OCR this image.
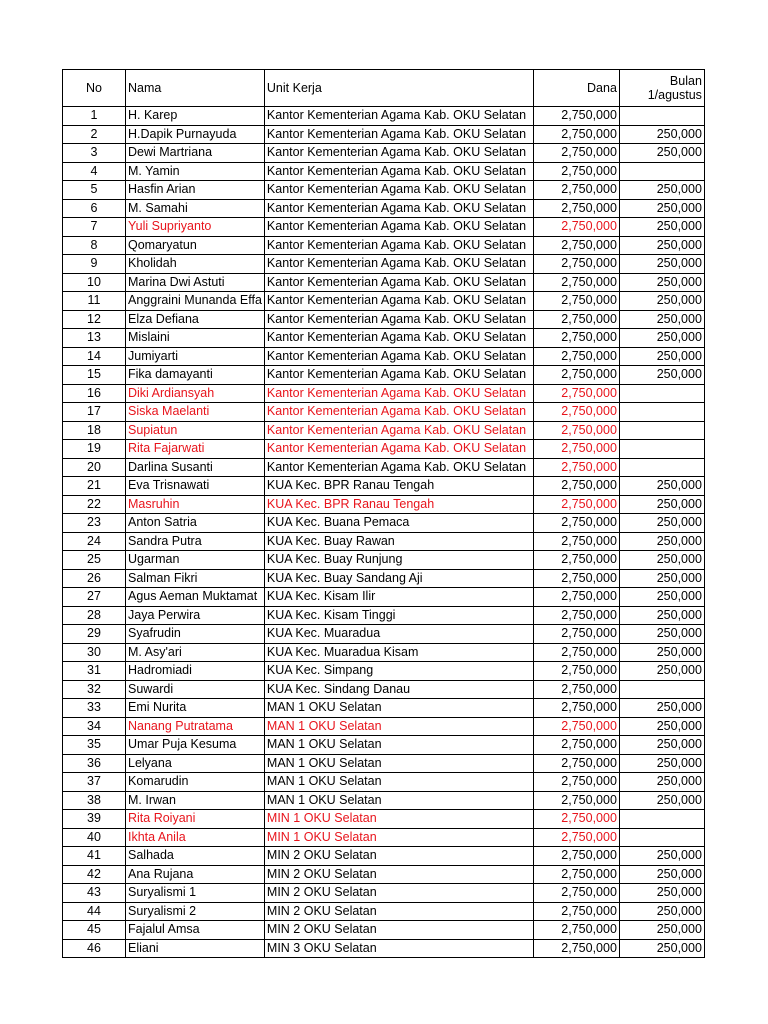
No	Nama	Unit Kerja	Dana	Bulan 1/agustus
1	H. Karep	Kantor Kementerian Agama Kab. OKU Selatan	2,750,000	
2	H.Dapik Purnayuda	Kantor Kementerian Agama Kab. OKU Selatan	2,750,000	250,000
3	Dewi Martriana	Kantor Kementerian Agama Kab. OKU Selatan	2,750,000	250,000
4	M. Yamin	Kantor Kementerian Agama Kab. OKU Selatan	2,750,000	
5	Hasfin Arian	Kantor Kementerian Agama Kab. OKU Selatan	2,750,000	250,000
6	M. Samahi	Kantor Kementerian Agama Kab. OKU Selatan	2,750,000	250,000
7	Yuli Supriyanto	Kantor Kementerian Agama Kab. OKU Selatan	2,750,000	250,000
8	Qomaryatun	Kantor Kementerian Agama Kab. OKU Selatan	2,750,000	250,000
9	Kholidah	Kantor Kementerian Agama Kab. OKU Selatan	2,750,000	250,000
10	Marina Dwi Astuti	Kantor Kementerian Agama Kab. OKU Selatan	2,750,000	250,000
11	Anggraini Munanda Effa	Kantor Kementerian Agama Kab. OKU Selatan	2,750,000	250,000
12	Elza Defiana	Kantor Kementerian Agama Kab. OKU Selatan	2,750,000	250,000
13	Mislaini	Kantor Kementerian Agama Kab. OKU Selatan	2,750,000	250,000
14	Jumiyarti	Kantor Kementerian Agama Kab. OKU Selatan	2,750,000	250,000
15	Fika damayanti	Kantor Kementerian Agama Kab. OKU Selatan	2,750,000	250,000
16	Diki Ardiansyah	Kantor Kementerian Agama Kab. OKU Selatan	2,750,000	
17	Siska Maelanti	Kantor Kementerian Agama Kab. OKU Selatan	2,750,000	
18	Supiatun	Kantor Kementerian Agama Kab. OKU Selatan	2,750,000	
19	Rita Fajarwati	Kantor Kementerian Agama Kab. OKU Selatan	2,750,000	
20	Darlina Susanti	Kantor Kementerian Agama Kab. OKU Selatan	2,750,000	
21	Eva Trisnawati	KUA Kec. BPR Ranau Tengah	2,750,000	250,000
22	Masruhin	KUA Kec. BPR Ranau Tengah	2,750,000	250,000
23	Anton Satria	KUA Kec. Buana Pemaca	2,750,000	250,000
24	Sandra Putra	KUA Kec. Buay Rawan	2,750,000	250,000
25	Ugarman	KUA Kec. Buay Runjung	2,750,000	250,000
26	Salman Fikri	KUA Kec. Buay Sandang Aji	2,750,000	250,000
27	Agus Aeman Muktamat	KUA Kec. Kisam Ilir	2,750,000	250,000
28	Jaya Perwira	KUA Kec. Kisam Tinggi	2,750,000	250,000
29	Syafrudin	KUA Kec. Muaradua	2,750,000	250,000
30	M. Asy'ari	KUA Kec. Muaradua Kisam	2,750,000	250,000
31	Hadromiadi	KUA Kec. Simpang	2,750,000	250,000
32	Suwardi	KUA Kec. Sindang Danau	2,750,000	
33	Emi Nurita	MAN 1 OKU Selatan	2,750,000	250,000
34	Nanang Putratama	MAN 1 OKU Selatan	2,750,000	250,000
35	Umar Puja Kesuma	MAN 1 OKU Selatan	2,750,000	250,000
36	Lelyana	MAN 1 OKU Selatan	2,750,000	250,000
37	Komarudin	MAN 1 OKU Selatan	2,750,000	250,000
38	M. Irwan	MAN 1 OKU Selatan	2,750,000	250,000
39	Rita Roiyani	MIN 1 OKU Selatan	2,750,000	
40	Ikhta Anila	MIN 1 OKU Selatan	2,750,000	
41	Salhada	MIN 2 OKU Selatan	2,750,000	250,000
42	Ana Rujana	MIN 2 OKU Selatan	2,750,000	250,000
43	Suryalismi 1	MIN 2 OKU Selatan	2,750,000	250,000
44	Suryalismi 2	MIN 2 OKU Selatan	2,750,000	250,000
45	Fajalul Amsa	MIN 2 OKU Selatan	2,750,000	250,000
46	Eliani	MIN 3 OKU Selatan	2,750,000	250,000
